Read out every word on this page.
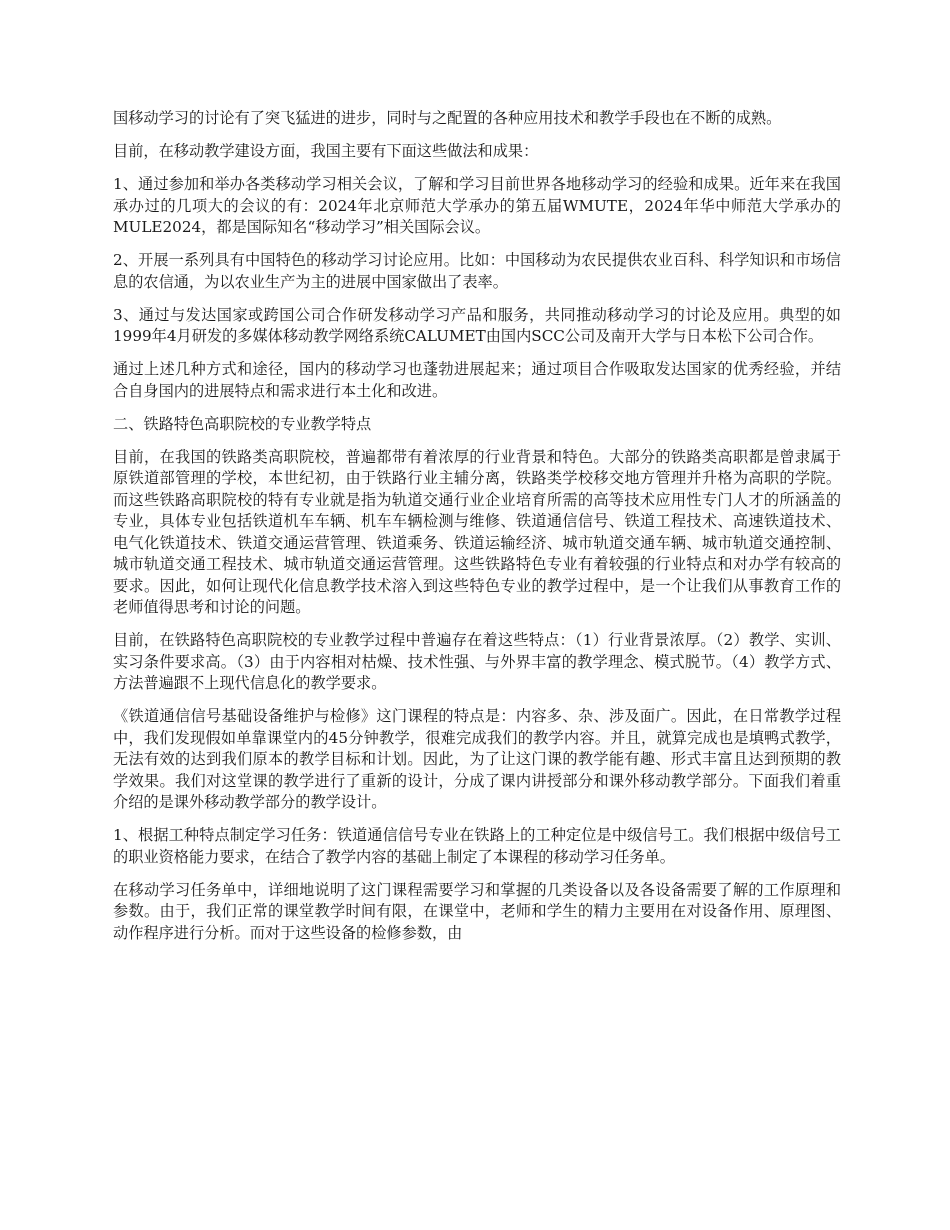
国移动学习的讨论有了突飞猛进的进步，同时与之配置的各种应用技术和教学手段也在不断的成熟。

目前，在移动教学建设方面，我国主要有下面这些做法和成果：

1、通过参加和举办各类移动学习相关会议，了解和学习目前世界各地移动学习的经验和成果。近年来在我国承办过的几项大的会议的有：2024年北京师范大学承办的第五届WMUTE，2024年华中师范大学承办的MULE2024，都是国际知名“移动学习”相关国际会议。

2、开展一系列具有中国特色的移动学习讨论应用。比如：中国移动为农民提供农业百科、科学知识和市场信息的农信通，为以农业生产为主的进展中国家做出了表率。

3、通过与发达国家或跨国公司合作研发移动学习产品和服务，共同推动移动学习的讨论及应用。典型的如1999年4月研发的多媒体移动教学网络系统CALUMET由国内SCC公司及南开大学与日本松下公司合作。

通过上述几种方式和途径，国内的移动学习也蓬勃进展起来；通过项目合作吸取发达国家的优秀经验，并结合自身国内的进展特点和需求进行本土化和改进。

二、铁路特色高职院校的专业教学特点

目前，在我国的铁路类高职院校，普遍都带有着浓厚的行业背景和特色。大部分的铁路类高职都是曾隶属于原铁道部管理的学校，本世纪初，由于铁路行业主辅分离，铁路类学校移交地方管理并升格为高职的学院。而这些铁路高职院校的特有专业就是指为轨道交通行业企业培育所需的高等技术应用性专门人才的所涵盖的专业，具体专业包括铁道机车车辆、机车车辆检测与维修、铁道通信信号、铁道工程技术、高速铁道技术、电气化铁道技术、铁道交通运营管理、铁道乘务、铁道运输经济、城市轨道交通车辆、城市轨道交通控制、城市轨道交通工程技术、城市轨道交通运营管理。这些铁路特色专业有着较强的行业特点和对办学有较高的要求。因此，如何让现代化信息教学技术溶入到这些特色专业的教学过程中，是一个让我们从事教育工作的老师值得思考和讨论的问题。

目前，在铁路特色高职院校的专业教学过程中普遍存在着这些特点：（1）行业背景浓厚。（2）教学、实训、实习条件要求高。（3）由于内容相对枯燥、技术性强、与外界丰富的教学理念、模式脱节。（4）教学方式、方法普遍跟不上现代信息化的教学要求。

《铁道通信信号基础设备维护与检修》这门课程的特点是：内容多、杂、涉及面广。因此，在日常教学过程中，我们发现假如单靠课堂内的45分钟教学，很难完成我们的教学内容。并且，就算完成也是填鸭式教学，无法有效的达到我们原本的教学目标和计划。因此，为了让这门课的教学能有趣、形式丰富且达到预期的教学效果。我们对这堂课的教学进行了重新的设计，分成了课内讲授部分和课外移动教学部分。下面我们着重介绍的是课外移动教学部分的教学设计。

1、根据工种特点制定学习任务：铁道通信信号专业在铁路上的工种定位是中级信号工。我们根据中级信号工的职业资格能力要求，在结合了教学内容的基础上制定了本课程的移动学习任务单。

在移动学习任务单中，详细地说明了这门课程需要学习和掌握的几类设备以及各设备需要了解的工作原理和参数。由于，我们正常的课堂教学时间有限，在课堂中，老师和学生的精力主要用在对设备作用、原理图、动作程序进行分析。而对于这些设备的检修参数，由
